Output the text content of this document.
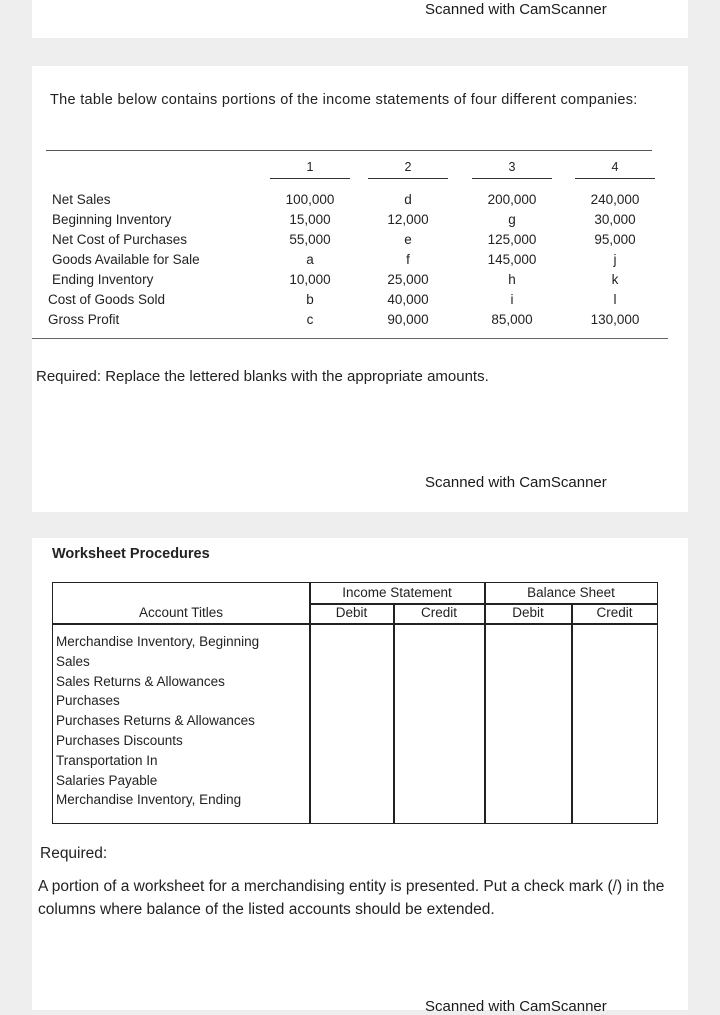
Scanned with CamScanner
The table below contains portions of the income statements of four different companies:
1	2	3	4
Net Sales	100,000	d	200,000	240,000
Beginning Inventory	15,000	12,000	g	30,000
Net Cost of Purchases	55,000	e	125,000	95,000
Goods Available for Sale	a	f	145,000	j
Ending Inventory	10,000	25,000	h	k
Cost of Goods Sold	b	40,000	i	l
Gross Profit	c	90,000	85,000	130,000
Required: Replace the lettered blanks with the appropriate amounts.
Scanned with CamScanner
Worksheet Procedures
Income Statement	Balance Sheet
Account Titles	Debit	Credit	Debit	Credit
Merchandise Inventory, Beginning
Sales
Sales Returns & Allowances
Purchases
Purchases Returns & Allowances
Purchases Discounts
Transportation In
Salaries Payable
Merchandise Inventory, Ending
Required:
A portion of a worksheet for a merchandising entity is presented. Put a check mark (/) in the columns where balance of the listed accounts should be extended.
Scanned with CamScanner
